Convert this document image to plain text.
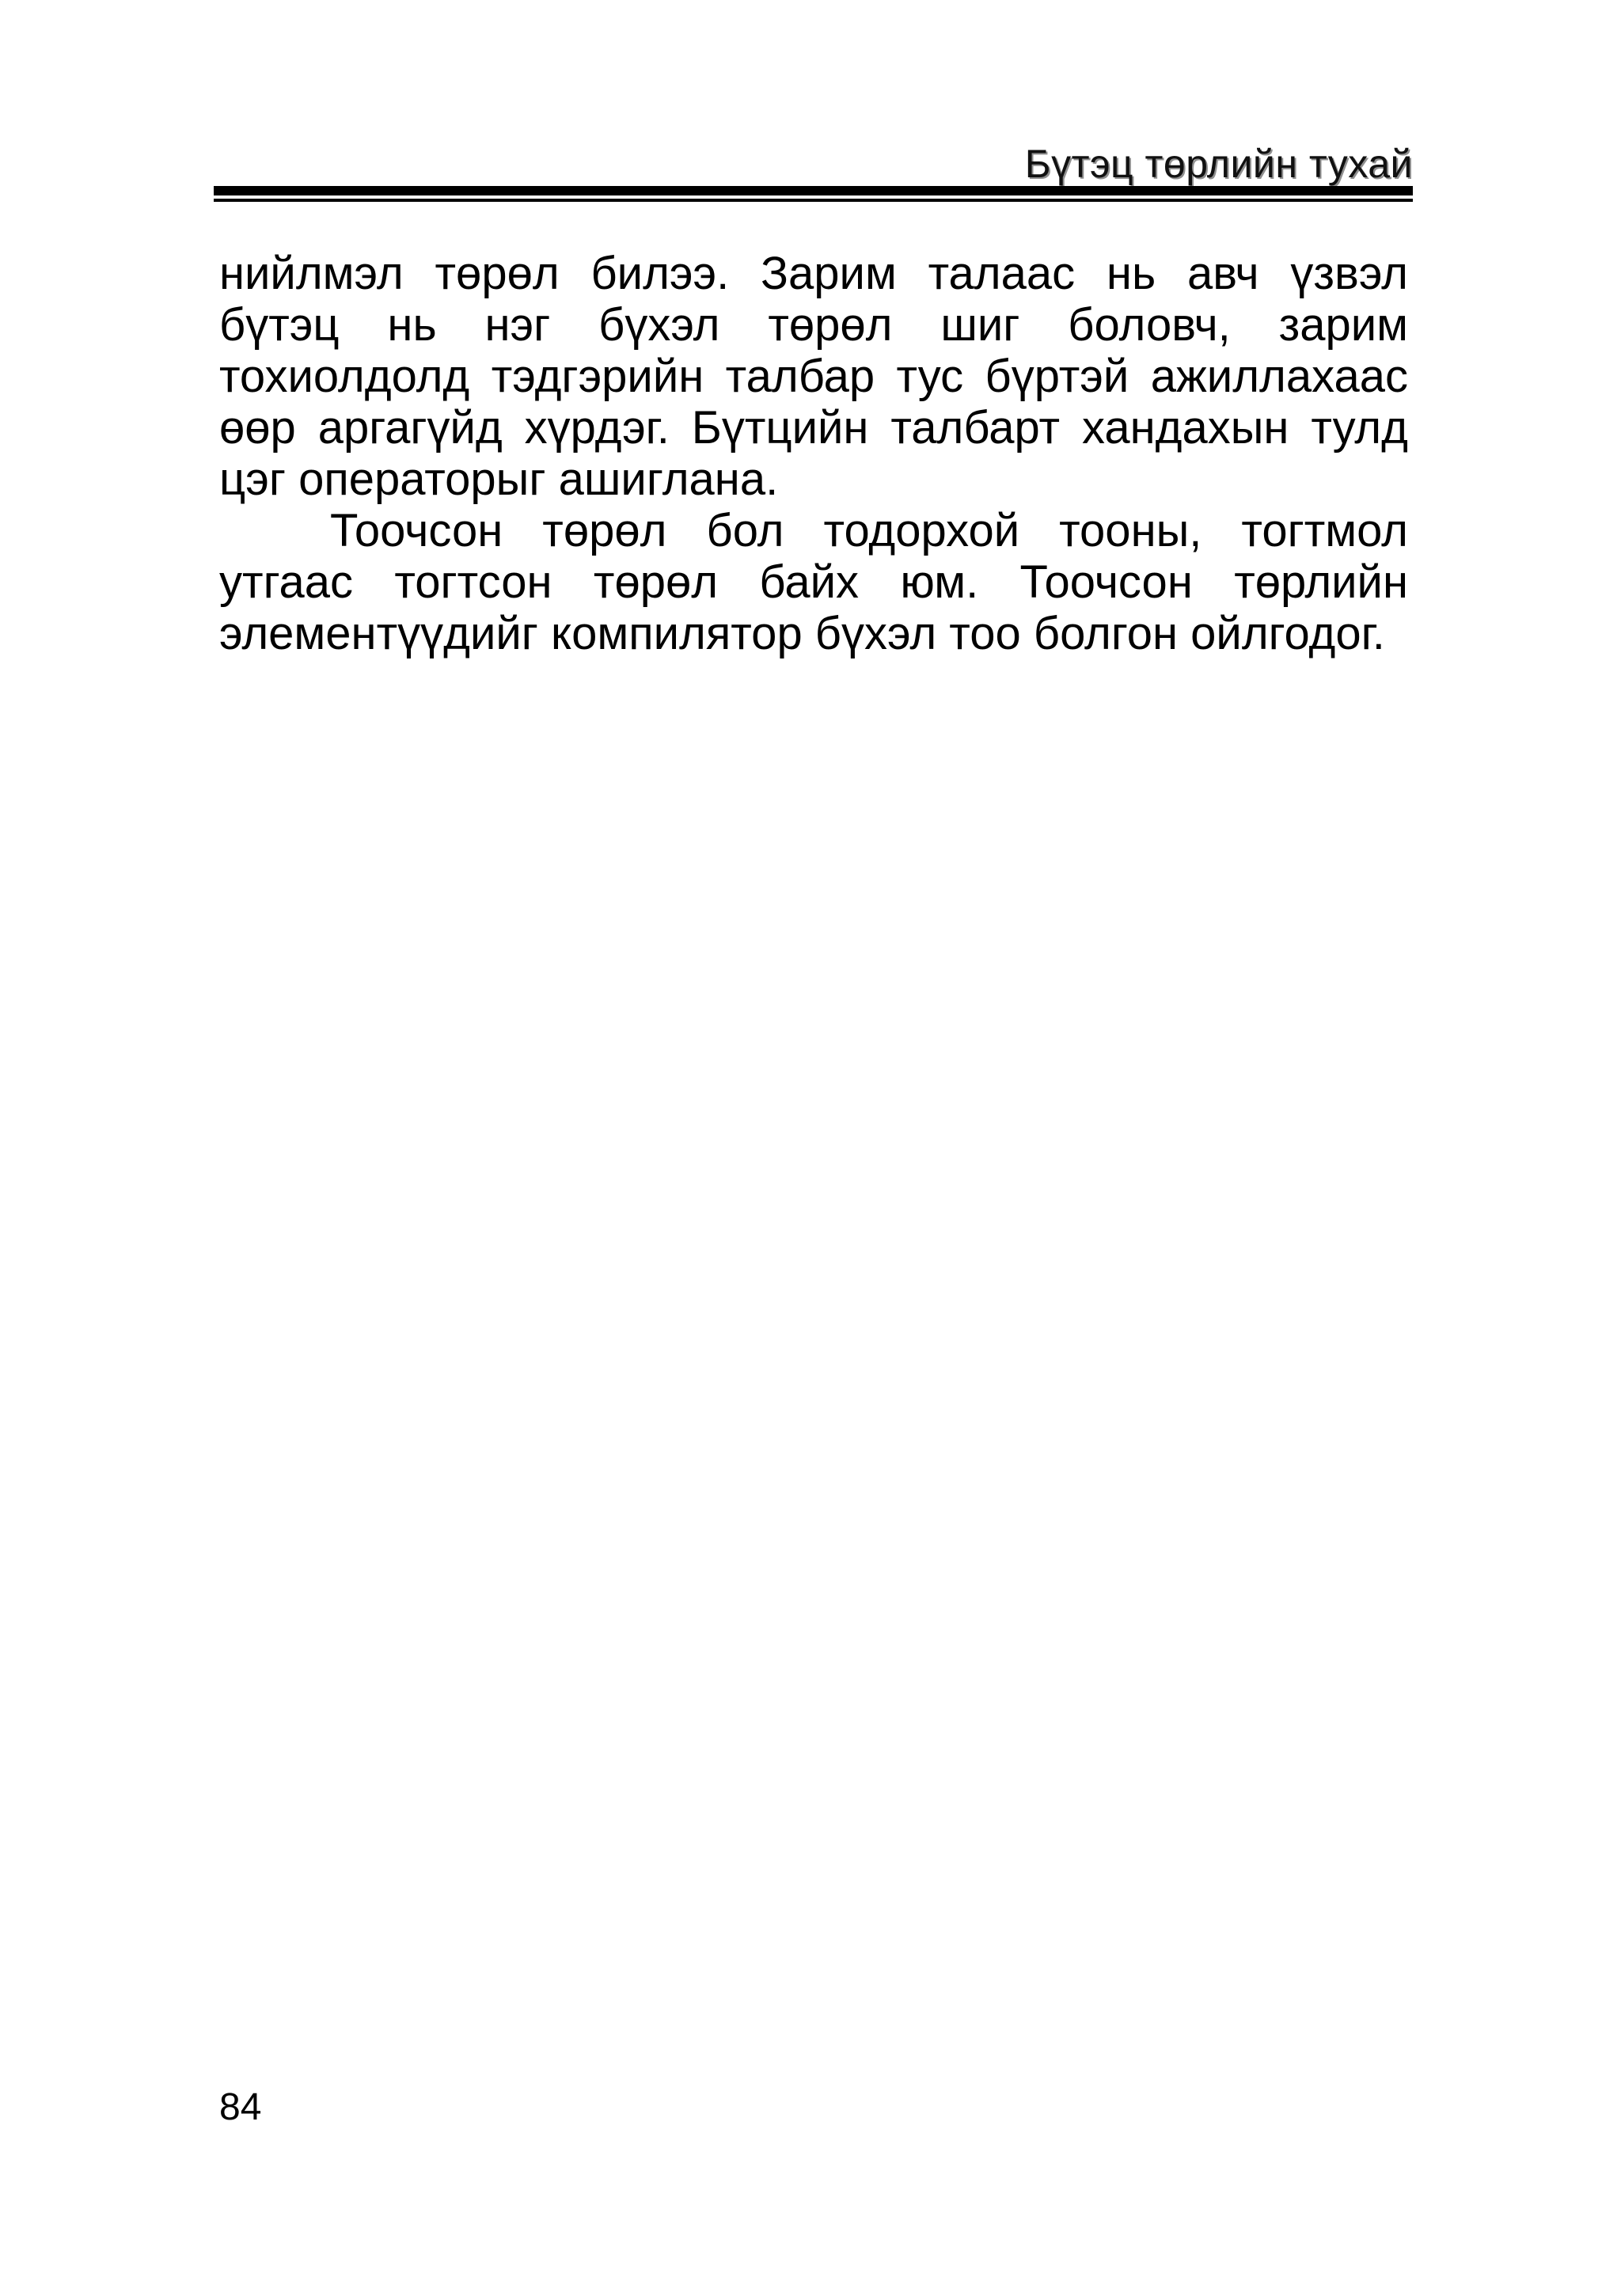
Бүтэц төрлийн тухай

нийлмэл төрөл билээ. Зарим талаас нь авч үзвэл бүтэц нь нэг бүхэл төрөл шиг боловч, зарим тохиолдолд тэдгэрийн талбар тус бүртэй ажиллахаас өөр аргагүйд хүрдэг. Бүтцийн талбарт хандахын тулд цэг операторыг ашиглана.

Тоочсон төрөл бол тодорхой тооны, тогтмол утгаас тогтсон төрөл байх юм. Тоочсон төрлийн элементүүдийг компилятор бүхэл тоо болгон ойлгодог.

84
